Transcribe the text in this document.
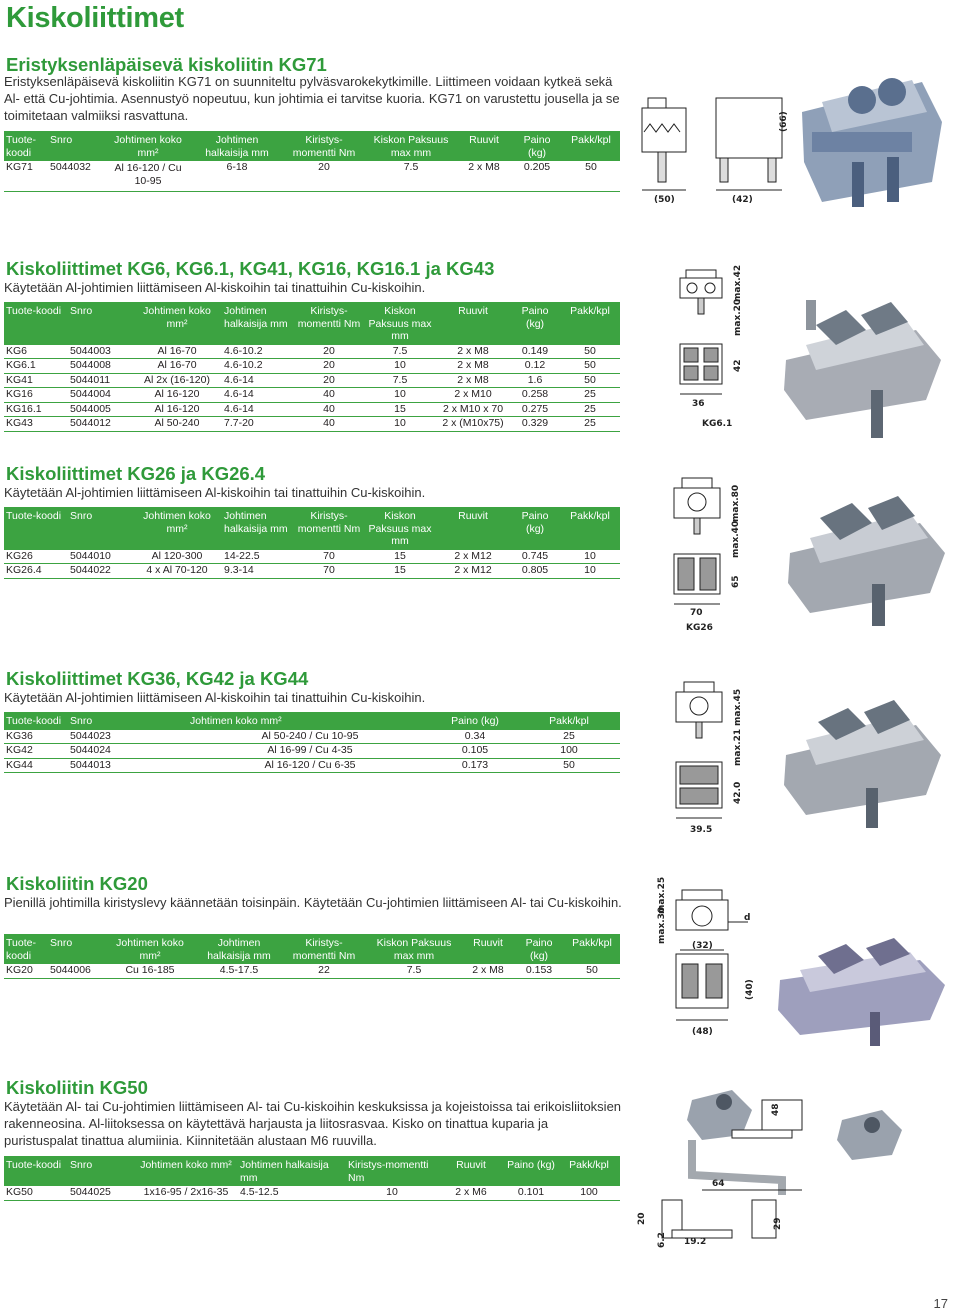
Kiskoliittimet
Eristyksenläpäisevä kiskoliitin KG71
Eristyksenläpäisevä kiskoliitin KG71 on suunniteltu pylväsvarokekytkimille. Liittimeen voidaan kytkeä sekä Al- että Cu-johtimia. Asennustyö nopeutuu, kun johtimia ei tarvitse kuoria. KG71 on varustettu jousella ja se toimitetaan valmiiksi rasvattuna.
Tuote-koodi	Snro	Johtimen koko mm²	Johtimen halkaisija mm	Kiristys-momentti Nm	Kiskon Paksuus max mm	Ruuvit	Paino (kg)	Pakk/kpl
KG71	5044032	Al 16-120 / Cu 10-95	6-18	20	7.5	2 x M8	0.205	50
(50)	(42)
(66)
Kiskoliittimet KG6, KG6.1, KG41, KG16, KG16.1 ja KG43
Käytetään Al-johtimien liittämiseen Al-kiskoihin tai tinattuihin Cu-kiskoihin.
Tuote-koodi	Snro	Johtimen koko mm²	Johtimen halkaisija mm	Kiristys-momentti Nm	Kiskon Paksuus max mm	Ruuvit	Paino (kg)	Pakk/kpl
KG6	5044003	Al 16-70	4.6-10.2	20	7.5	2 x M8	0.149	50
KG6.1	5044008	Al 16-70	4.6-10.2	20	10	2 x M8	0.12	50
KG41	5044011	Al 2x (16-120)	4.6-14	20	7.5	2 x M8	1.6	50
KG16	5044004	Al 16-120	4.6-14	40	10	2 x M10	0.258	25
KG16.1	5044005	Al 16-120	4.6-14	40	15	2 x M10 x 70	0.275	25
KG43	5044012	Al 50-240	7.7-20	40	10	2 x (M10x75)	0.329	25
max.42
max.20
42
36
KG6.1
Kiskoliittimet KG26 ja KG26.4
Käytetään Al-johtimien liittämiseen Al-kiskoihin tai tinattuihin Cu-kiskoihin.
Tuote-koodi	Snro	Johtimen koko mm²	Johtimen halkaisija mm	Kiristys-momentti Nm	Kiskon Paksuus max mm	Ruuvit	Paino (kg)	Pakk/kpl
KG26	5044010	Al 120-300	14-22.5	70	15	2 x M12	0.745	10
KG26.4	5044022	4 x Al 70-120	9.3-14	70	15	2 x M12	0.805	10
max.80
max.40
65
70
KG26
Kiskoliittimet KG36, KG42 ja KG44
Käytetään Al-johtimien liittämiseen Al-kiskoihin tai tinattuihin Cu-kiskoihin.
Tuote-koodi	Snro	Johtimen koko mm²	Paino (kg)	Pakk/kpl
KG36	5044023	Al 50-240 / Cu 10-95	0.34	25
KG42	5044024	Al 16-99 / Cu 4-35	0.105	100
KG44	5044013	Al 16-120 / Cu 6-35	0.173	50
max.45
max.21
42.0
39.5
Kiskoliitin KG20
Pienillä johtimilla kiristyslevy käännetään toisinpäin. Käytetään Cu-johtimien liittämiseen Al- tai Cu-kiskoihin.
Tuote-koodi	Snro	Johtimen koko mm²	Johtimen halkaisija mm	Kiristys-momentti Nm	Kiskon Paksuus max mm	Ruuvit	Paino (kg)	Pakk/kpl
KG20	5044006	Cu 16-185	4.5-17.5	22	7.5	2 x M8	0.153	50
max.30
max.25
d
(32)
(40)
(48)
Kiskoliitin KG50
Käytetään Al- tai Cu-johtimien liittämiseen Al- tai Cu-kiskoihin keskuksissa ja kojeistoissa tai erikoisliitoksien rakenneosina. Al-liitoksessa on käytettävä harjausta ja liitosrasvaa. Kisko on tinattua kuparia ja puristuspalat tinattua alumiinia. Kiinnitetään alustaan M6 ruuvilla.
Tuote-koodi	Snro	Johtimen koko mm²	Johtimen halkaisija mm	Kiristys-momentti Nm	Ruuvit	Paino (kg)	Pakk/kpl
KG50	5044025	1x16-95 / 2x16-35	4.5-12.5	10	2 x M6	0.101	100
48
64
20
6.2 19.2
29
17
